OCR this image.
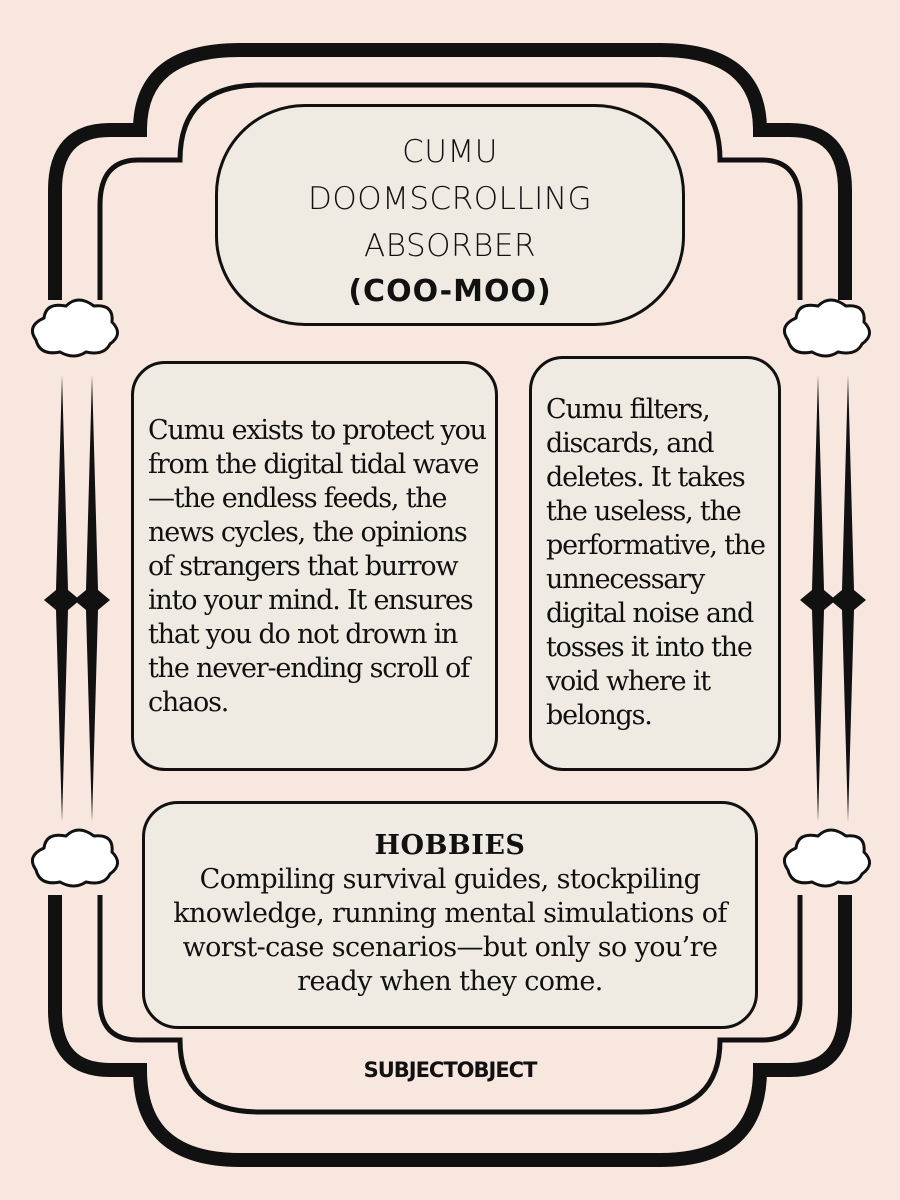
CUMU
DOOMSCROLLING
ABSORBER
(COO-MOO)
Cumu exists to protect you from the digital tidal wave—the endless feeds, the news cycles, the opinions of strangers that burrow into your mind. It ensures that you do not drown in the never-ending scroll of chaos.
Cumu filters, discards, and deletes. It takes the useless, the performative, the unnecessary digital noise and tosses it into the void where it belongs.
HOBBIES
Compiling survival guides, stockpiling knowledge, running mental simulations of worst-case scenarios—but only so you’re ready when they come.
SUBJECTOBJECT
